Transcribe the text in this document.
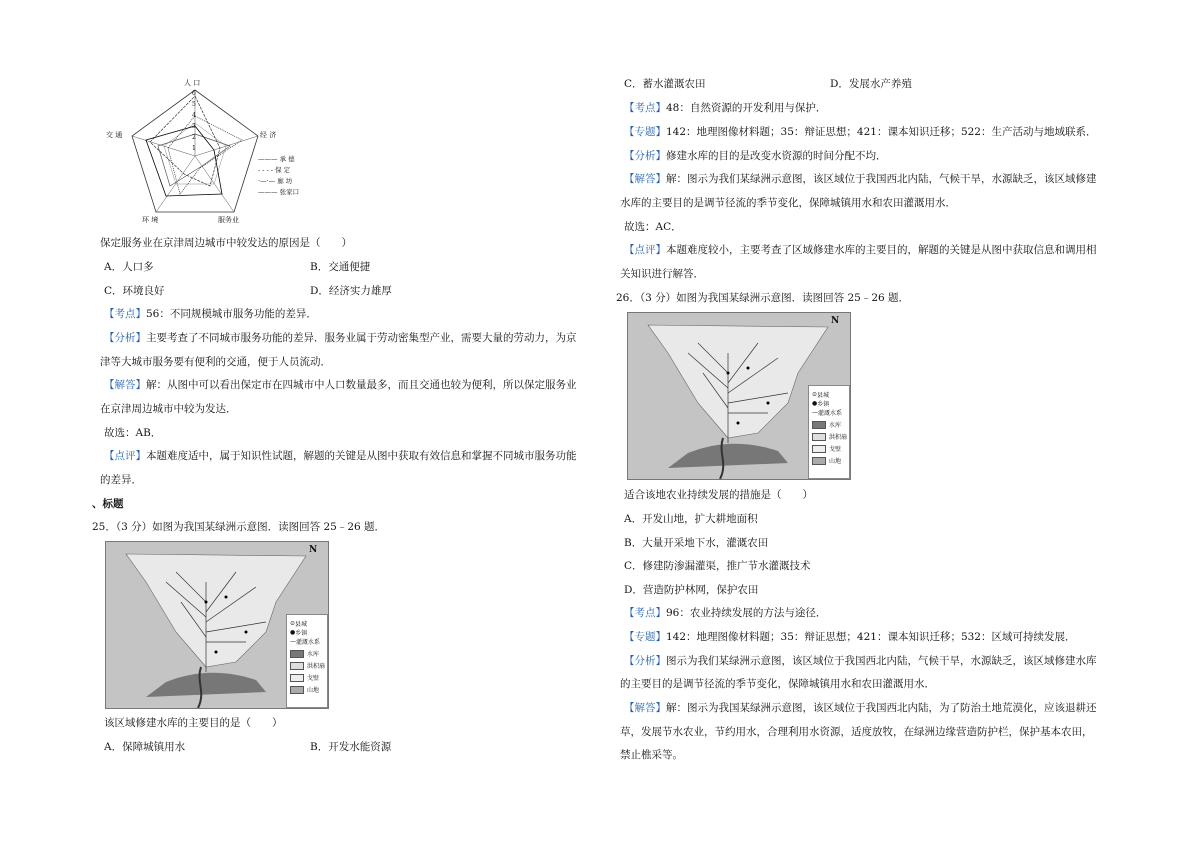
人 口
经 济
服务业
环 境
交 通
6
5
4
3
2
1
——— 承 德
- - - - 保 定
·—·— 廊 坊
——— 张家口
保定服务业在京津周边城市中较发达的原因是（　　）
A．人口多	B．交通便捷
C．环境良好	D．经济实力雄厚
【考点】56：不同规模城市服务功能的差异．
【分析】主要考查了不同城市服务功能的差异．服务业属于劳动密集型产业，需要大量的劳动力，为京
津等大城市服务要有便利的交通，便于人员流动．
【解答】解：从图中可以看出保定市在四城市中人口数量最多，而且交通也较为便利，所以保定服务业
在京津周边城市中较为发达．
故选：AB．
【点评】本题难度适中，属于知识性试题，解题的关键是从图中获取有效信息和掌握不同城市服务功能
的差异．
、标题
25．（3 分）如图为我国某绿洲示意图．读图回答 25﹣26 题．
N
⊙ 县城
● 乡镇
— 灌溉水系
水库
洪积扇
戈壁
山地
该区域修建水库的主要目的是（　　）
A．保障城镇用水	B．开发水能资源
C．蓄水灌溉农田	D．发展水产养殖
【考点】48：自然资源的开发利用与保护．
【专题】142：地理图像材料题；35：辩证思想；421：课本知识迁移；522：生产活动与地域联系．
【分析】修建水库的目的是改变水资源的时间分配不均．
【解答】解：图示为我们某绿洲示意图，该区域位于我国西北内陆，气候干旱，水源缺乏，该区域修建
水库的主要目的是调节径流的季节变化，保障城镇用水和农田灌溉用水．
故选：AC．
【点评】本题难度较小，主要考查了区域修建水库的主要目的，解题的关键是从图中获取信息和调用相
关知识进行解答．
26．（3 分）如图为我国某绿洲示意图．读图回答 25﹣26 题．
N
⊙ 县城
● 乡镇
— 灌溉水系
水库
洪积扇
戈壁
山地
适合该地农业持续发展的措施是（　　）
A．开发山地，扩大耕地面积
B．大量开采地下水，灌溉农田
C．修建防渗漏灌渠，推广节水灌溉技术
D．营造防护林网，保护农田
【考点】96：农业持续发展的方法与途径．
【专题】142：地理图像材料题；35：辩证思想；421：课本知识迁移；532：区域可持续发展．
【分析】图示为我们某绿洲示意图，该区域位于我国西北内陆，气候干旱，水源缺乏，该区域修建水库
的主要目的是调节径流的季节变化，保障城镇用水和农田灌溉用水．
【解答】解：图示为我国某绿洲示意图，该区域位于我国西北内陆，为了防治土地荒漠化，应该退耕还
草，发展节水农业，节约用水，合理利用水资源，适度放牧，在绿洲边缘营造防护栏，保护基本农田，
禁止樵采等。
